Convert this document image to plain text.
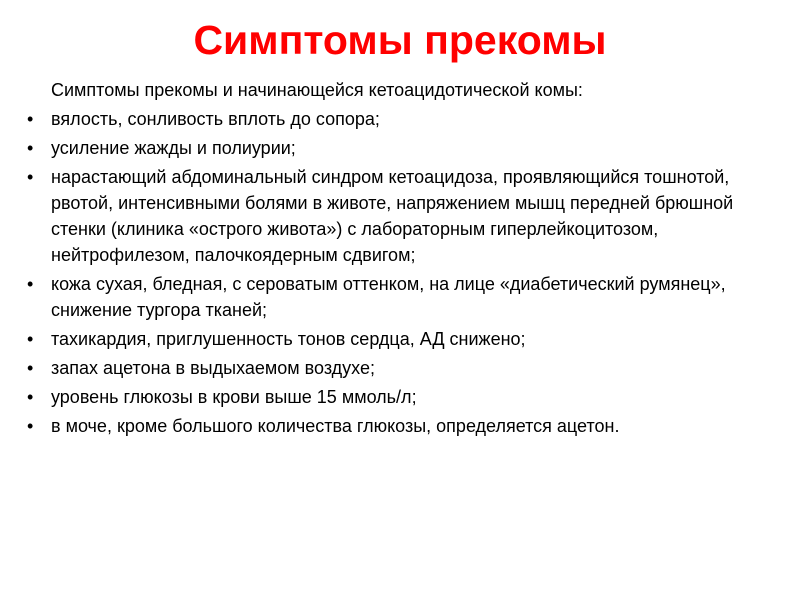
Симптомы прекомы

Симптомы прекомы и начинающейся кетоацидотической комы:

• вялость, сонливость вплоть до сопора;
• усиление жажды и полиурии;
• нарастающий абдоминальный синдром кетоацидоза, проявляющийся тошнотой, рвотой, интенсивными болями в животе, напряжением мышц передней брюшной стенки (клиника «острого живота») с лабораторным гиперлейкоцитозом, нейтрофилезом, палочкоядерным сдвигом;
• кожа сухая, бледная, с сероватым оттенком, на лице «диабетический румянец», снижение тургора тканей;
• тахикардия, приглушенность тонов сердца, АД снижено;
• запах ацетона в выдыхаемом воздухе;
• уровень глюкозы в крови выше 15 ммоль/л;
• в моче, кроме большого количества глюкозы, определяется ацетон.
